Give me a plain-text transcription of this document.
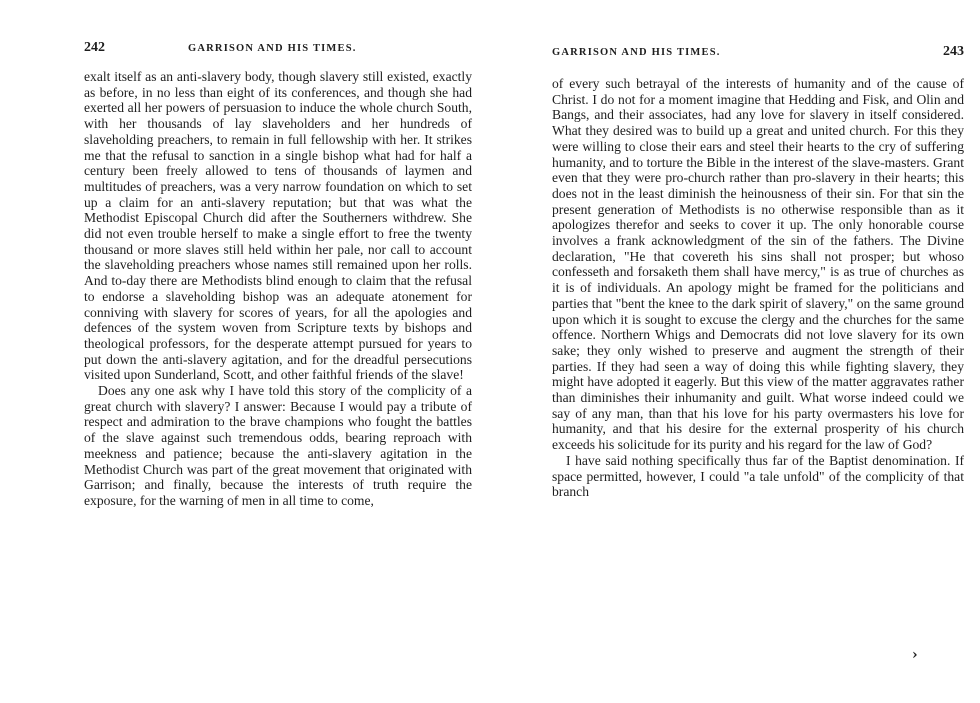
242	GARRISON AND HIS TIMES.

exalt itself as an anti-slavery body, though slavery still existed, exactly as before, in no less than eight of its conferences, and though she had exerted all her powers of persuasion to induce the whole church South, with her thousands of lay slaveholders and her hundreds of slaveholding preachers, to remain in full fellowship with her. It strikes me that the refusal to sanction in a single bishop what had for half a century been freely allowed to tens of thousands of laymen and multitudes of preachers, was a very narrow foundation on which to set up a claim for an anti-slavery reputation; but that was what the Methodist Episcopal Church did after the Southerners withdrew. She did not even trouble herself to make a single effort to free the twenty thousand or more slaves still held within her pale, nor call to account the slaveholding preachers whose names still remained upon her rolls. And to-day there are Methodists blind enough to claim that the refusal to endorse a slaveholding bishop was an adequate atonement for conniving with slavery for scores of years, for all the apologies and defences of the system woven from Scripture texts by bishops and theological professors, for the desperate attempt pursued for years to put down the anti-slavery agitation, and for the dreadful persecutions visited upon Sunderland, Scott, and other faithful friends of the slave!

Does any one ask why I have told this story of the complicity of a great church with slavery? I answer: Because I would pay a tribute of respect and admiration to the brave champions who fought the battles of the slave against such tremendous odds, bearing reproach with meekness and patience; because the anti-slavery agitation in the Methodist Church was part of the great movement that originated with Garrison; and finally, because the interests of truth require the exposure, for the warning of men in all time to come,

GARRISON AND HIS TIMES.	243

of every such betrayal of the interests of humanity and of the cause of Christ. I do not for a moment imagine that Hedding and Fisk, and Olin and Bangs, and their associates, had any love for slavery in itself considered. What they desired was to build up a great and united church. For this they were willing to close their ears and steel their hearts to the cry of suffering humanity, and to torture the Bible in the interest of the slave-masters. Grant even that they were pro-church rather than pro-slavery in their hearts; this does not in the least diminish the heinousness of their sin. For that sin the present generation of Methodists is no otherwise responsible than as it apologizes therefor and seeks to cover it up. The only honorable course involves a frank acknowledgment of the sin of the fathers. The Divine declaration, "He that covereth his sins shall not prosper; but whoso confesseth and forsaketh them shall have mercy," is as true of churches as it is of individuals. An apology might be framed for the politicians and parties that "bent the knee to the dark spirit of slavery," on the same ground upon which it is sought to excuse the clergy and the churches for the same offence. Northern Whigs and Democrats did not love slavery for its own sake; they only wished to preserve and augment the strength of their parties. If they had seen a way of doing this while fighting slavery, they might have adopted it eagerly. But this view of the matter aggravates rather than diminishes their inhumanity and guilt. What worse indeed could we say of any man, than that his love for his party overmasters his love for humanity, and that his desire for the external prosperity of his church exceeds his solicitude for its purity and his regard for the law of God?

I have said nothing specifically thus far of the Baptist denomination. If space permitted, however, I could "a tale unfold" of the complicity of that branch

›
